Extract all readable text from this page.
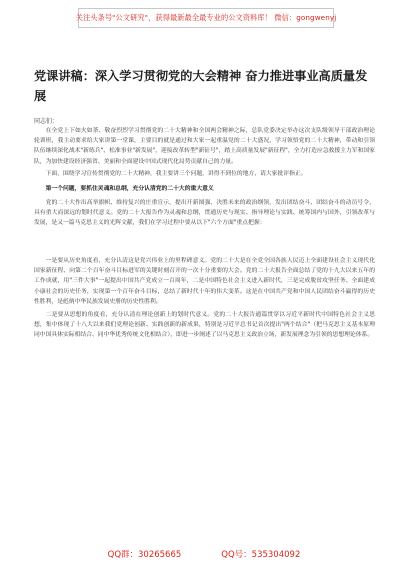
关注头条号"公文研究"，获得最新最全最专业的公文资料库！ 微信：gongwenyj
党课讲稿：深入学习贯彻党的大会精神 奋力推进事业高质量发展
同志们：

在全党上下如火如荼、敬奋烈烈学习贯彻党的二十大精神和全国两会精神之际，总队党委决定举办这次支队级领导干部政治理论轮训班，我主动要求给大家讲第一堂课，主要目的就是通过和大家一起重温党的二十大盛况，学习领悟党的二十大精神，带动和引领队伍继续深化战术"新练兵"、松准事业"新发展"，迎接改革转型"新征号"，踏上高质量发展"新征程"，全力打造应急救援主力军和国家队，为加快建设经济强省、美丽和全面建设中国式现代化局势贡献自己的力量。

下面，围绕学习宣传贯彻党的二十大精神，我主要讲三个问题，讲得不到位的地方，请大家批评指正。

第一个问题，要抓住灵魂和总纲，充分认清党的二十大的重大意义

党的二十大作出高举旗帜、维持复兴的庄重宣示，提出开新图强、决胜未来的政治纲领，发出团结奋斗、团结奋斗的动员号令，具有重大而深远的划时代意义。党的二十大报告作为灵魂和总纲，贯通历史与现实、指导理论与实践、统筹国内与国外，引领改革与发展，是又一篇马克思主义的光辉文献，我们在学习过程中要从以下"六个方面"重点把握：

一是要从历史角度看，充分认清这是党兴伟业上的里程碑意义。党的二十大是在全党全国各族人民迈上全面建设社会主义现代化国家新征程、向第二个百年奋斗目标进军的关键时刻召开的一次十分重要的大会。党的二十大报告全面总结了党的十九大以来五年的工作成就，用"三件大事"一起提出中国共产党成立一百周年，二是中国特色社会主义进入新时代，三是完成脱贫攻坚任务、全面建成小康社会的历史任务，实现第一个百年奋斗目标，总结了新时代十年的伟大变革。这是在中国共产党和中国人民团结奋斗赢得的历史性胜利，是彪炳中华民族发展史册的历史性胜利。

二是要从思想的角度看，充分认清在理论创新上的划时代意义。党的二十大报告通篇贯穿以习近平新时代中国特色社会主义思想，集中体现了十八大以来我们党理论创新、实践创新的新成果，特别是习近平总书记首次提出"两个结合"（把马克思主义基本原理同中国具体实际相结合、同中华优秀传统文化相结合），即进一步阐述了以马克思主义政治立场，新发展理念为引领的思想理论体系。

QQ群：30265665	QQ号：535304092
